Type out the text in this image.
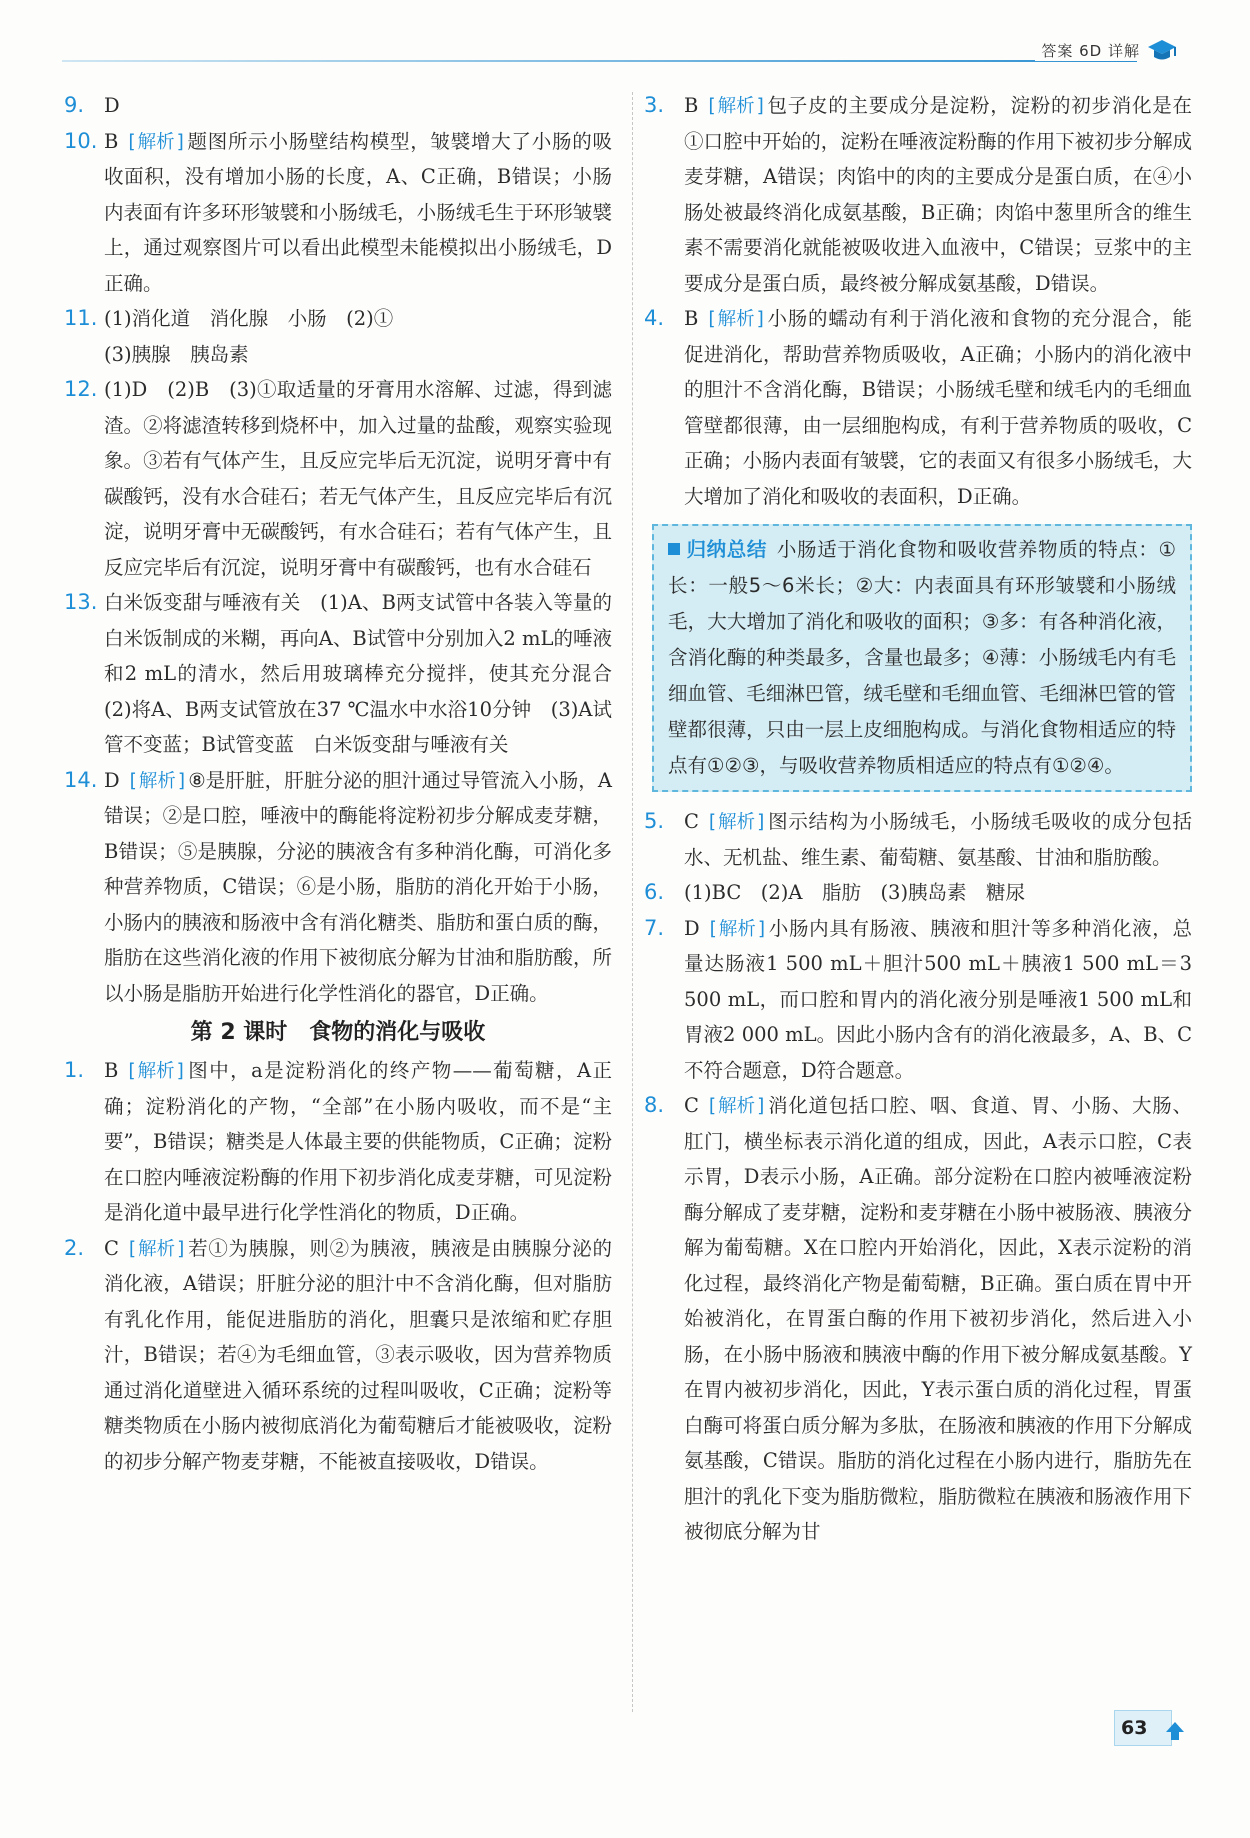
答案 6D 详解

9. D

10. B [ 解析 ] 题图所示小肠壁结构模型，皱襞增大了小肠的吸收面积，没有增加小肠的长度，A、C正确，B错误；小肠内表面有许多环形皱襞和小肠绒毛，小肠绒毛生于环形皱襞上，通过观察图片可以看出此模型未能模拟出小肠绒毛，D正确。

11. (1)消化道　消化腺　小肠　(2)①
(3)胰腺　胰岛素

12. (1)D　(2)B　(3)①取适量的牙膏用水溶解、过滤，得到滤渣。②将滤渣转移到烧杯中，加入过量的盐酸，观察实验现象。③若有气体产生，且反应完毕后无沉淀，说明牙膏中有碳酸钙，没有水合硅石；若无气体产生，且反应完毕后有沉淀，说明牙膏中无碳酸钙，有水合硅石；若有气体产生，且反应完毕后有沉淀，说明牙膏中有碳酸钙，也有水合硅石

13. 白米饭变甜与唾液有关　(1)A、B两支试管中各装入等量的白米饭制成的米糊，再向A、B试管中分别加入2 mL的唾液和2 mL的清水，然后用玻璃棒充分搅拌，使其充分混合　(2)将A、B两支试管放在37 ℃温水中水浴10分钟　(3)A试管不变蓝；B试管变蓝　白米饭变甜与唾液有关

14. D [ 解析 ] ⑧是肝脏，肝脏分泌的胆汁通过导管流入小肠，A错误；②是口腔，唾液中的酶能将淀粉初步分解成麦芽糖，B错误；⑤是胰腺，分泌的胰液含有多种消化酶，可消化多种营养物质，C错误；⑥是小肠，脂肪的消化开始于小肠，小肠内的胰液和肠液中含有消化糖类、脂肪和蛋白质的酶，脂肪在这些消化液的作用下被彻底分解为甘油和脂肪酸，所以小肠是脂肪开始进行化学性消化的器官，D正确。

第 2 课时　食物的消化与吸收

1. B [ 解析 ] 图中，a是淀粉消化的终产物——葡萄糖，A正确；淀粉消化的产物，“全部”在小肠内吸收，而不是“主要”，B错误；糖类是人体最主要的供能物质，C正确；淀粉在口腔内唾液淀粉酶的作用下初步消化成麦芽糖，可见淀粉是消化道中最早进行化学性消化的物质，D正确。

2. C [ 解析 ] 若①为胰腺，则②为胰液，胰液是由胰腺分泌的消化液，A错误；肝脏分泌的胆汁中不含消化酶，但对脂肪有乳化作用，能促进脂肪的消化，胆囊只是浓缩和贮存胆汁，B错误；若④为毛细血管，③表示吸收，因为营养物质通过消化道壁进入循环系统的过程叫吸收，C正确；淀粉等糖类物质在小肠内被彻底消化为葡萄糖后才能被吸收，淀粉的初步分解产物麦芽糖，不能被直接吸收，D错误。

3. B [ 解析 ] 包子皮的主要成分是淀粉，淀粉的初步消化是在①口腔中开始的，淀粉在唾液淀粉酶的作用下被初步分解成麦芽糖，A错误；肉馅中的肉的主要成分是蛋白质，在④小肠处被最终消化成氨基酸，B正确；肉馅中葱里所含的维生素不需要消化就能被吸收进入血液中，C错误；豆浆中的主要成分是蛋白质，最终被分解成氨基酸，D错误。

4. B [ 解析 ] 小肠的蠕动有利于消化液和食物的充分混合，能促进消化，帮助营养物质吸收，A正确；小肠内的消化液中的胆汁不含消化酶，B错误；小肠绒毛壁和绒毛内的毛细血管壁都很薄，由一层细胞构成，有利于营养物质的吸收，C正确；小肠内表面有皱襞，它的表面又有很多小肠绒毛，大大增加了消化和吸收的表面积，D正确。

归纳总结 小肠适于消化食物和吸收营养物质的特点：①长：一般5～6米长；②大：内表面具有环形皱襞和小肠绒毛，大大增加了消化和吸收的面积；③多：有各种消化液，含消化酶的种类最多，含量也最多；④薄：小肠绒毛内有毛细血管、毛细淋巴管，绒毛壁和毛细血管、毛细淋巴管的管壁都很薄，只由一层上皮细胞构成。与消化食物相适应的特点有①②③，与吸收营养物质相适应的特点有①②④。

5. C [ 解析 ] 图示结构为小肠绒毛，小肠绒毛吸收的成分包括水、无机盐、维生素、葡萄糖、氨基酸、甘油和脂肪酸。

6. (1)BC　(2)A　脂肪　(3)胰岛素　糖尿

7. D [ 解析 ] 小肠内具有肠液、胰液和胆汁等多种消化液，总量达肠液1 500 mL＋胆汁500 mL＋胰液1 500 mL＝3 500 mL，而口腔和胃内的消化液分别是唾液1 500 mL和胃液2 000 mL。因此小肠内含有的消化液最多，A、B、C不符合题意，D符合题意。

8. C [ 解析 ] 消化道包括口腔、咽、食道、胃、小肠、大肠、肛门，横坐标表示消化道的组成，因此，A表示口腔，C表示胃，D表示小肠，A正确。部分淀粉在口腔内被唾液淀粉酶分解成了麦芽糖，淀粉和麦芽糖在小肠中被肠液、胰液分解为葡萄糖。X在口腔内开始消化，因此，X表示淀粉的消化过程，最终消化产物是葡萄糖，B正确。蛋白质在胃中开始被消化，在胃蛋白酶的作用下被初步消化，然后进入小肠，在小肠中肠液和胰液中酶的作用下被分解成氨基酸。Y在胃内被初步消化，因此，Y表示蛋白质的消化过程，胃蛋白酶可将蛋白质分解为多肽，在肠液和胰液的作用下分解成氨基酸，C错误。脂肪的消化过程在小肠内进行，脂肪先在胆汁的乳化下变为脂肪微粒，脂肪微粒在胰液和肠液作用下被彻底分解为甘

63
